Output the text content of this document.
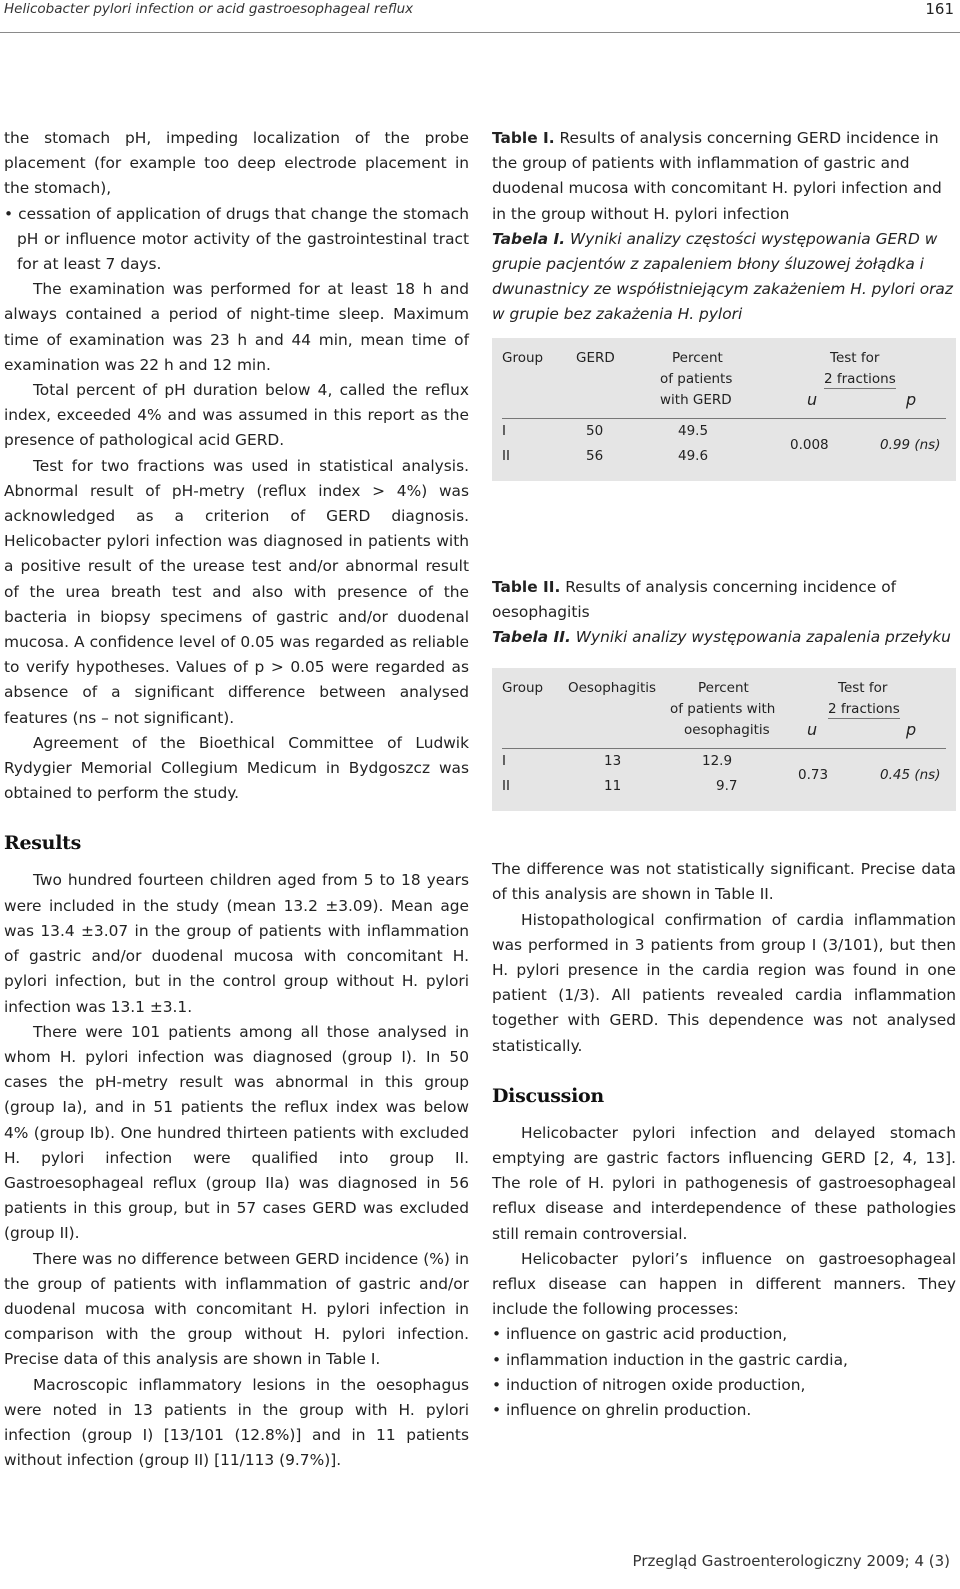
Helicobacter pylori infection or acid gastroesophageal reflux	161

the stomach pH, impeding localization of the probe placement (for example too deep electrode placement in the stomach),

• cessation of application of drugs that change the stomach pH or influence motor activity of the gastrointestinal tract for at least 7 days.

The examination was performed for at least 18 h and always contained a period of night-time sleep. Maximum time of examination was 23 h and 44 min, mean time of examination was 22 h and 12 min.

Total percent of pH duration below 4, called the reflux index, exceeded 4% and was assumed in this report as the presence of pathological acid GERD.

Test for two fractions was used in statistical analysis. Abnormal result of pH-metry (reflux index > 4%) was acknowledged as a criterion of GERD diagnosis. Helicobacter pylori infection was diagnosed in patients with a positive result of the urease test and/or abnormal result of the urea breath test and also with presence of the bacteria in biopsy specimens of gastric and/or duodenal mucosa. A confidence level of 0.05 was regarded as reliable to verify hypotheses. Values of p > 0.05 were regarded as absence of a significant difference between analysed features (ns – not significant).

Agreement of the Bioethical Committee of Ludwik Rydygier Memorial Collegium Medicum in Bydgoszcz was obtained to perform the study.

Results

Two hundred fourteen children aged from 5 to 18 years were included in the study (mean 13.2 ±3.09). Mean age was 13.4 ±3.07 in the group of patients with inflammation of gastric and/or duodenal mucosa with concomitant H. pylori infection, but in the control group without H. pylori infection was 13.1 ±3.1.

There were 101 patients among all those analysed in whom H. pylori infection was diagnosed (group I). In 50 cases the pH-metry result was abnormal in this group (group Ia), and in 51 patients the reflux index was below 4% (group Ib). One hundred thirteen patients with excluded H. pylori infection were qualified into group II. Gastroesophageal reflux (group IIa) was diagnosed in 56 patients in this group, but in 57 cases GERD was excluded (group II).

There was no difference between GERD incidence (%) in the group of patients with inflammation of gastric and/or duodenal mucosa with concomitant H. pylori infection in comparison with the group without H. pylori infection. Precise data of this analysis are shown in Table I.

Macroscopic inflammatory lesions in the oesophagus were noted in 13 patients in the group with H. pylori infection (group I) [13/101 (12.8%)] and in 11 patients without infection (group II) [11/113 (9.7%)].

Table I. Results of analysis concerning GERD incidence in the group of patients with inflammation of gastric and duodenal mucosa with concomitant H. pylori infection and in the group without H. pylori infection

Tabela I. Wyniki analizy częstości występowania GERD w grupie pacjentów z zapaleniem błony śluzowej żołądka i dwunastnicy ze współistniejącym zakażeniem H. pylori oraz w grupie bez zakażenia H. pylori

Group GERD	Percent
of patients
with GERD
Test for
2 fractions
u	p
I	50	49.5
II	56	49.6
0.008	0.99 (ns)

Table II. Results of analysis concerning incidence of oesophagitis

Tabela II. Wyniki analizy występowania zapalenia przełyku

Group Oesophagitis	Percent
of patients with
oesophagitis
Test for
2 fractions
u	p
I	13	12.9
II	11	9.7
0.73	0.45 (ns)

The difference was not statistically significant. Precise data of this analysis are shown in Table II.

Histopathological confirmation of cardia inflammation was performed in 3 patients from group I (3/101), but then H. pylori presence in the cardia region was found in one patient (1/3). All patients revealed cardia inflammation together with GERD. This dependence was not analysed statistically.

Discussion

Helicobacter pylori infection and delayed stomach emptying are gastric factors influencing GERD [2, 4, 13]. The role of H. pylori in pathogenesis of gastroesophageal reflux disease and interdependence of these pathologies still remain controversial.

Helicobacter pylori’s influence on gastroesophageal reflux disease can happen in different manners. They include the following processes:

• influence on gastric acid production,
• inflammation induction in the gastric cardia,
• induction of nitrogen oxide production,
• influence on ghrelin production.
Przegląd Gastroenterologiczny 2009; 4 (3)
